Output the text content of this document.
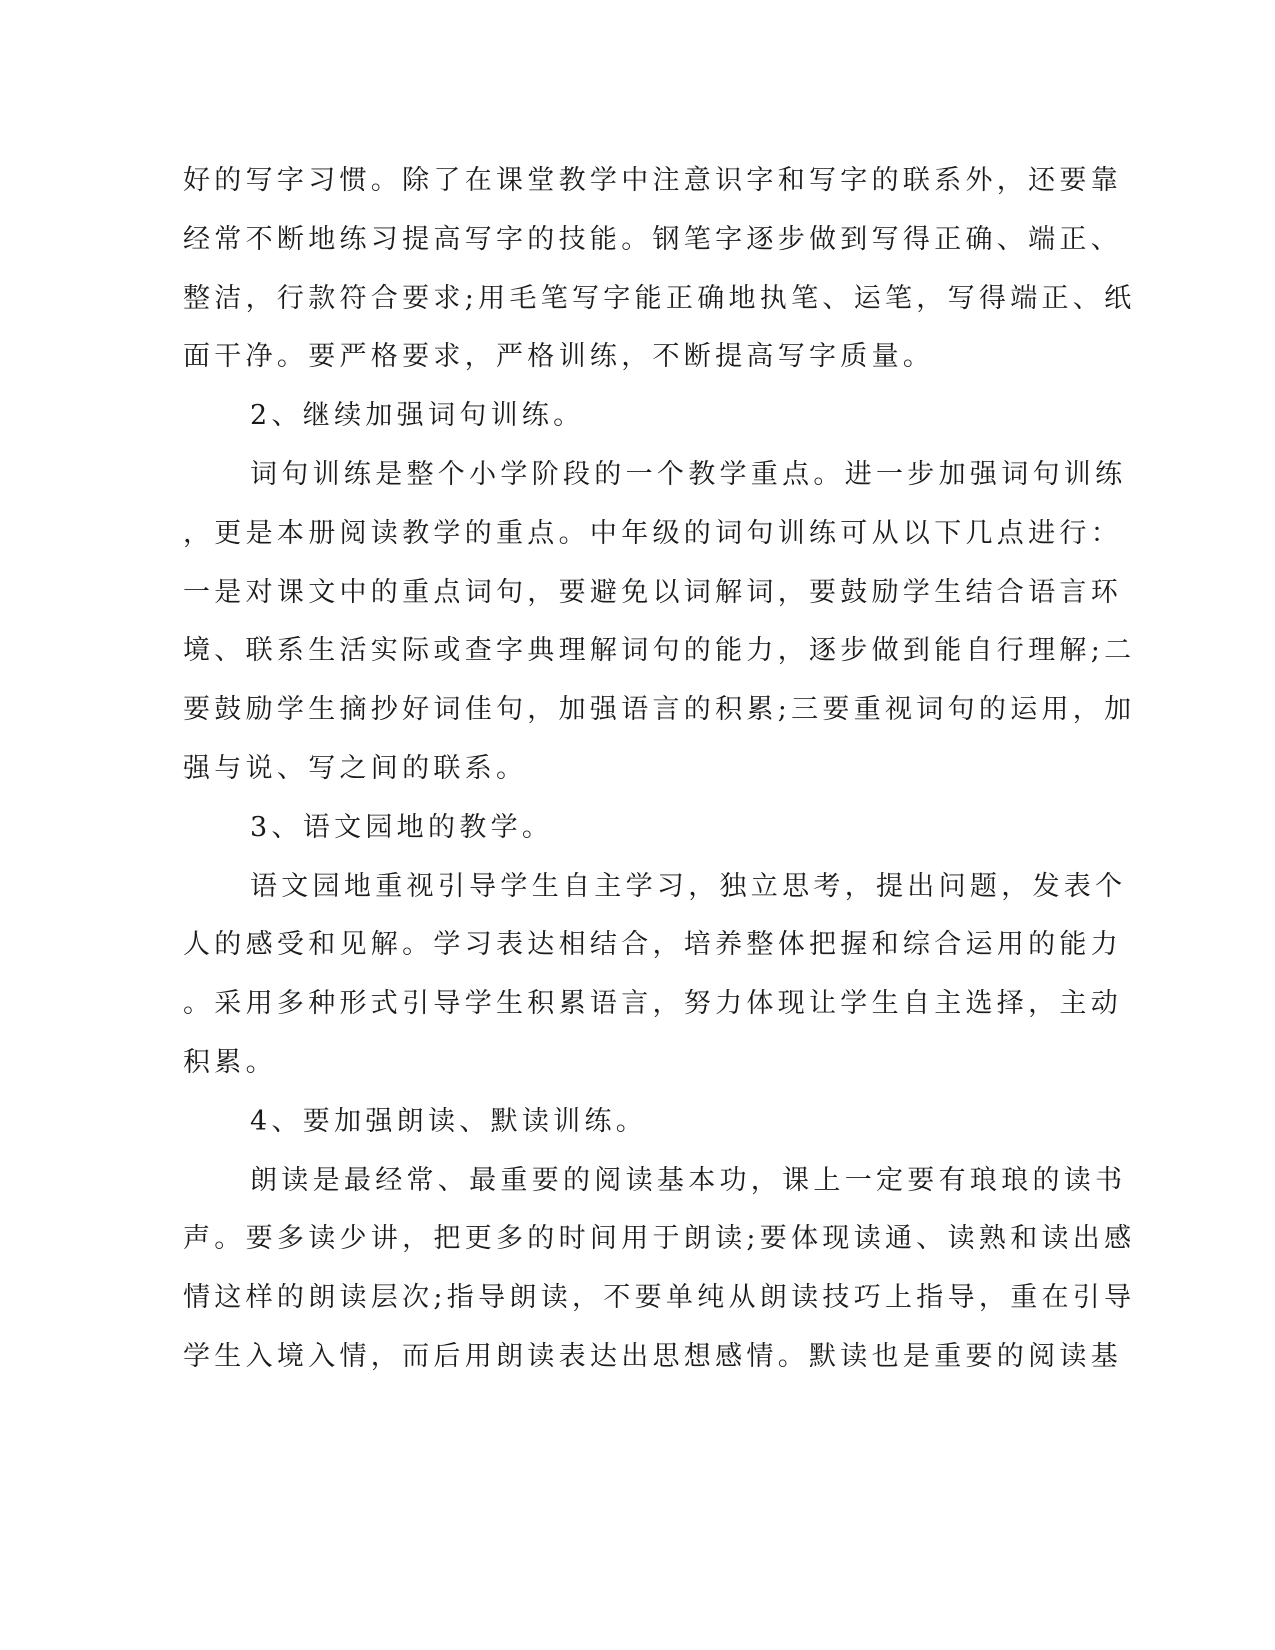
好的写字习惯。除了在课堂教学中注意识字和写字的联系外，还要靠
经常不断地练习提高写字的技能。钢笔字逐步做到写得正确、端正、
整洁，行款符合要求;用毛笔写字能正确地执笔、运笔，写得端正、纸
面干净。要严格要求，严格训练，不断提高写字质量。
2、继续加强词句训练。
词句训练是整个小学阶段的一个教学重点。进一步加强词句训练
，更是本册阅读教学的重点。中年级的词句训练可从以下几点进行：
一是对课文中的重点词句，要避免以词解词，要鼓励学生结合语言环
境、联系生活实际或查字典理解词句的能力，逐步做到能自行理解;二
要鼓励学生摘抄好词佳句，加强语言的积累;三要重视词句的运用，加
强与说、写之间的联系。
3、语文园地的教学。
语文园地重视引导学生自主学习，独立思考，提出问题，发表个
人的感受和见解。学习表达相结合，培养整体把握和综合运用的能力
。采用多种形式引导学生积累语言，努力体现让学生自主选择，主动
积累。
4、要加强朗读、默读训练。
朗读是最经常、最重要的阅读基本功，课上一定要有琅琅的读书
声。要多读少讲，把更多的时间用于朗读;要体现读通、读熟和读出感
情这样的朗读层次;指导朗读，不要单纯从朗读技巧上指导，重在引导
学生入境入情，而后用朗读表达出思想感情。默读也是重要的阅读基
